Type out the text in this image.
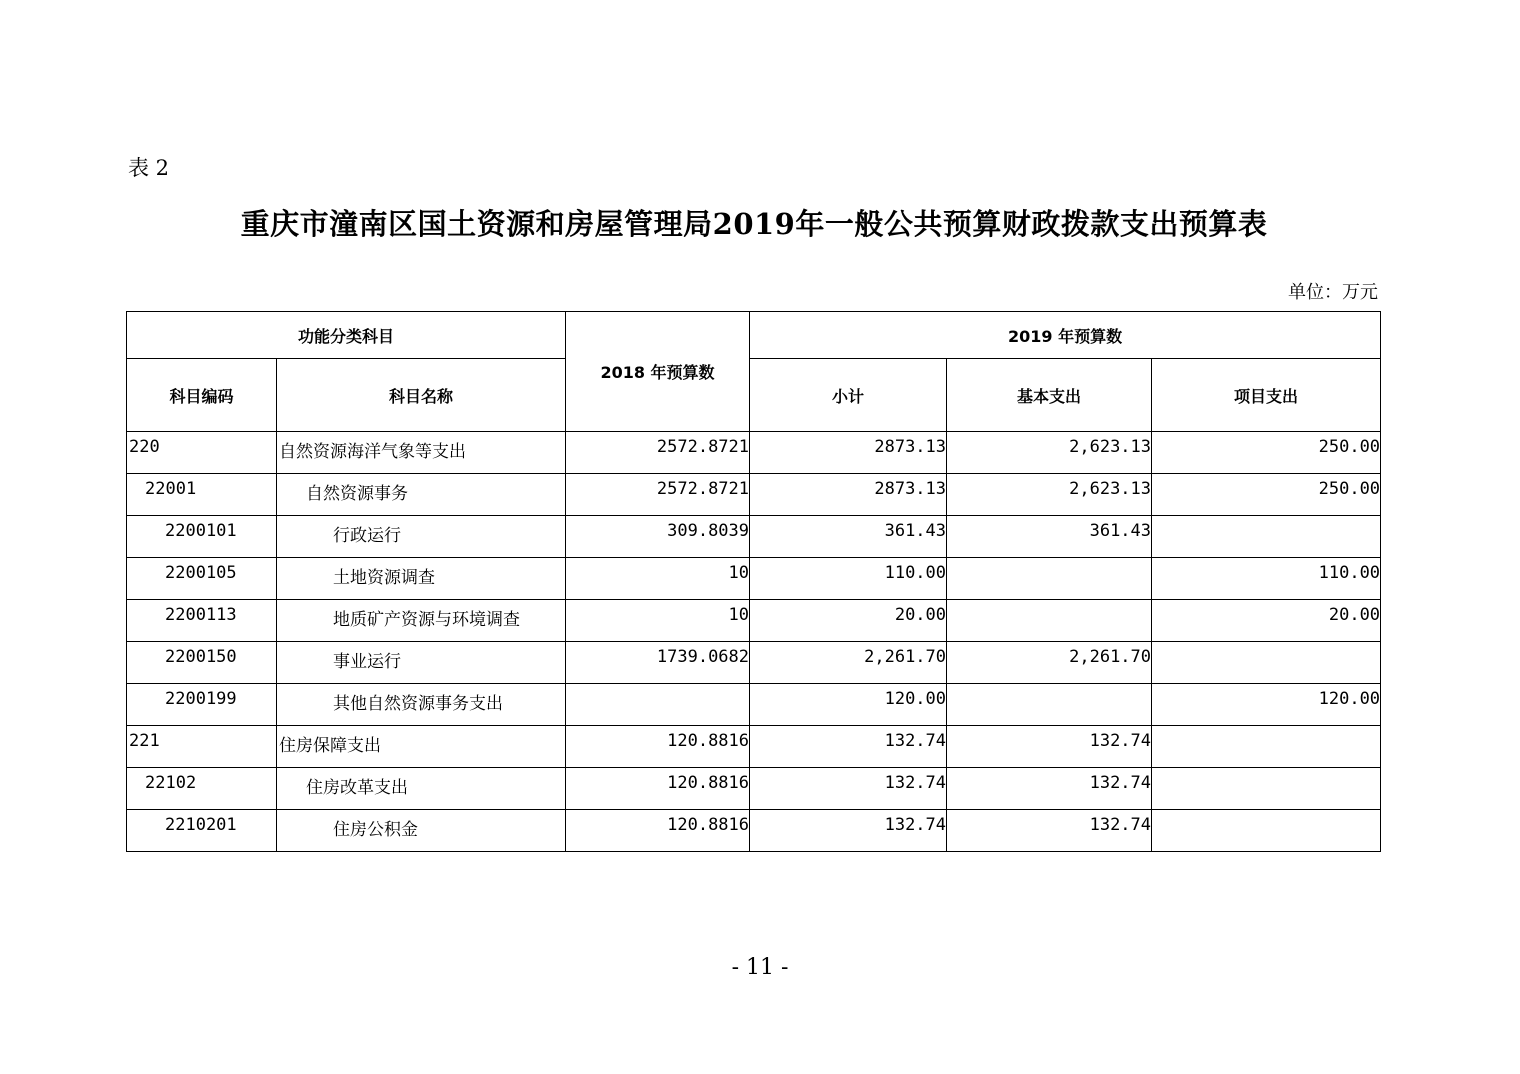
表 2
重庆市潼南区国土资源和房屋管理局2019年一般公共预算财政拨款支出预算表
单位：万元
功能分类科目		2018 年预算数	2019 年预算数		
科目编码	科目名称		小计	基本支出	项目支出
220	自然资源海洋气象等支出	2572.8721	2873.13	2,623.13	250.00
22001	自然资源事务	2572.8721	2873.13	2,623.13	250.00
2200101	行政运行	309.8039	361.43	361.43	
2200105	土地资源调查	10	110.00		110.00
2200113	地质矿产资源与环境调查	10	20.00		20.00
2200150	事业运行	1739.0682	2,261.70	2,261.70	
2200199	其他自然资源事务支出		120.00		120.00
221	住房保障支出	120.8816	132.74	132.74	
22102	住房改革支出	120.8816	132.74	132.74	
2210201	住房公积金	120.8816	132.74	132.74	
- 11 -
